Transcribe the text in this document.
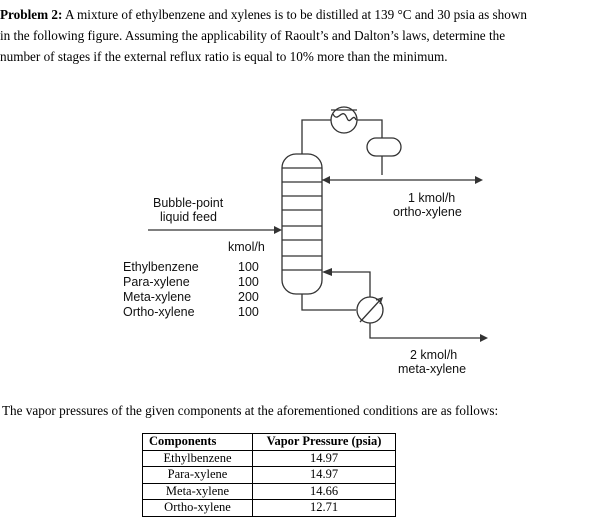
Problem 2: A mixture of ethylbenzene and xylenes is to be distilled at 139 °C and 30 psia as shown
in the following figure. Assuming the applicability of Raoult’s and Dalton’s laws, determine the
number of stages if the external reflux ratio is equal to 10% more than the minimum.
Bubble-point
liquid feed
kmol/h
Ethylbenzene	100
Para-xylene	100
Meta-xylene	200
Ortho-xylene	100
1 kmol/h
ortho-xylene
2 kmol/h
meta-xylene

The vapor pressures of the given components at the aforementioned conditions are as follows:

Components	Vapor Pressure (psia)
Ethylbenzene	14.97
Para-xylene	14.97
Meta-xylene	14.66
Ortho-xylene	12.71
